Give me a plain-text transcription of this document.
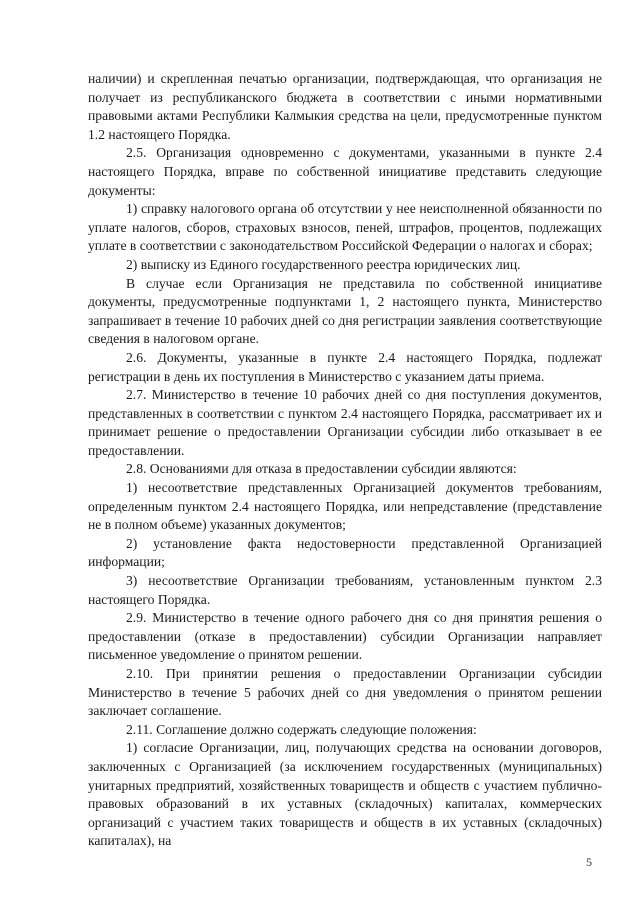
наличии) и скрепленная печатью организации, подтверждающая, что организация не получает из республиканского бюджета в соответствии с иными нормативными правовыми актами Республики Калмыкия средства на цели, предусмотренные пунктом 1.2 настоящего Порядка.

2.5. Организация одновременно с документами, указанными в пункте 2.4 настоящего Порядка, вправе по собственной инициативе представить следующие документы:

1) справку налогового органа об отсутствии у нее неисполненной обязанности по уплате налогов, сборов, страховых взносов, пеней, штрафов, процентов, подлежащих уплате в соответствии с законодательством Российской Федерации о налогах и сборах;

2) выписку из Единого государственного реестра юридических лиц.

В случае если Организация не представила по собственной инициативе документы, предусмотренные подпунктами 1, 2 настоящего пункта, Министерство запрашивает в течение 10 рабочих дней со дня регистрации заявления соответствующие сведения в налоговом органе.

2.6. Документы, указанные в пункте 2.4 настоящего Порядка, подлежат регистрации в день их поступления в Министерство с указанием даты приема.

2.7. Министерство в течение 10 рабочих дней со дня поступления документов, представленных в соответствии с пунктом 2.4 настоящего Порядка, рассматривает их и принимает решение о предоставлении Организации субсидии либо отказывает в ее предоставлении.

2.8. Основаниями для отказа в предоставлении субсидии являются:

1) несоответствие представленных Организацией документов требованиям, определенным пунктом 2.4 настоящего Порядка, или непредставление (представление не в полном объеме) указанных документов;

2) установление факта недостоверности представленной Организацией информации;

3) несоответствие Организации требованиям, установленным пунктом 2.3 настоящего Порядка.

2.9. Министерство в течение одного рабочего дня со дня принятия решения о предоставлении (отказе в предоставлении) субсидии Организации направляет письменное уведомление о принятом решении.

2.10. При принятии решения о предоставлении Организации субсидии Министерство в течение 5 рабочих дней со дня уведомления о принятом решении заключает соглашение.

2.11. Соглашение должно содержать следующие положения:

1) согласие Организации, лиц, получающих средства на основании договоров, заключенных с Организацией (за исключением государственных (муниципальных) унитарных предприятий, хозяйственных товариществ и обществ с участием публично-правовых образований в их уставных (складочных) капиталах, коммерческих организаций с участием таких товариществ и обществ в их уставных (складочных) капиталах), на

5
